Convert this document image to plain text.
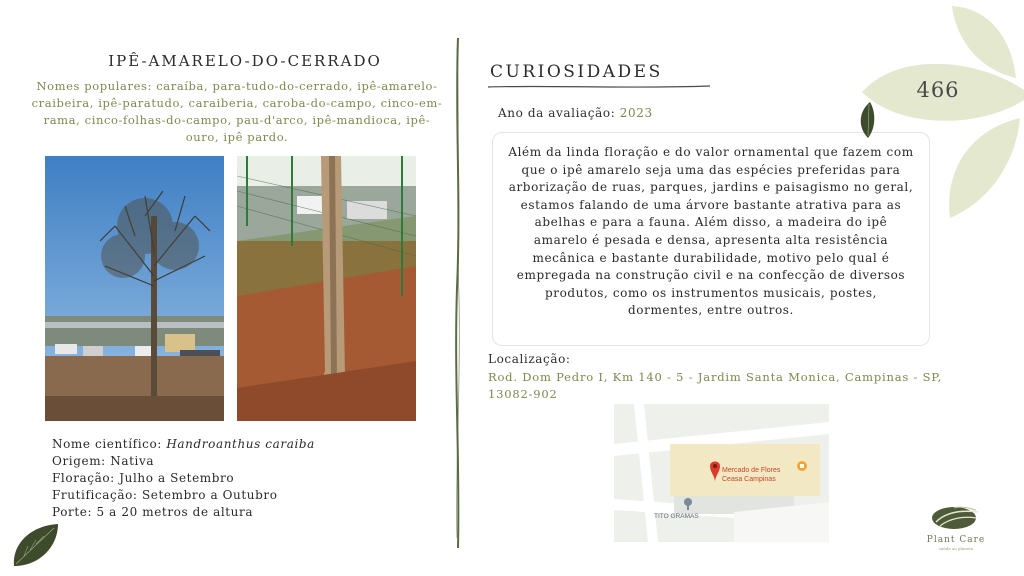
IPÊ-AMARELO-DO-CERRADO
Nomes populares: caraíba, para-tudo-do-cerrado, ipê-amarelo-craibeira, ipê-paratudo, caraiberia, caroba-do-campo, cinco-em-rama, cinco-folhas-do-campo, pau-d'arco, ipê-mandioca, ipê-ouro, ipê pardo.
Nome científico: Handroanthus caraiba
Origem: Nativa
Floração: Julho a Setembro
Frutificação: Setembro a Outubro
Porte: 5 a 20 metros de altura
CURIOSIDADES
Ano da avaliação: 2023

Além da linda floração e do valor ornamental que fazem com que o ipê amarelo seja uma das espécies preferidas para arborização de ruas, parques, jardins e paisagismo no geral, estamos falando de uma árvore bastante atrativa para as abelhas e para a fauna. Além disso, a madeira do ipê amarelo é pesada e densa, apresenta alta resistência mecânica e bastante durabilidade, motivo pelo qual é empregada na construção civil e na confecção de diversos produtos, como os instrumentos musicais, postes, dormentes, entre outros.

Localização:
Rod. Dom Pedro I, Km 140 - 5 - Jardim Santa Monica, Campinas - SP, 13082-902
Mercado de Flores
Ceasa Campinas
TITO GRAMAS
466
Plant Care
saúde ao planeta
